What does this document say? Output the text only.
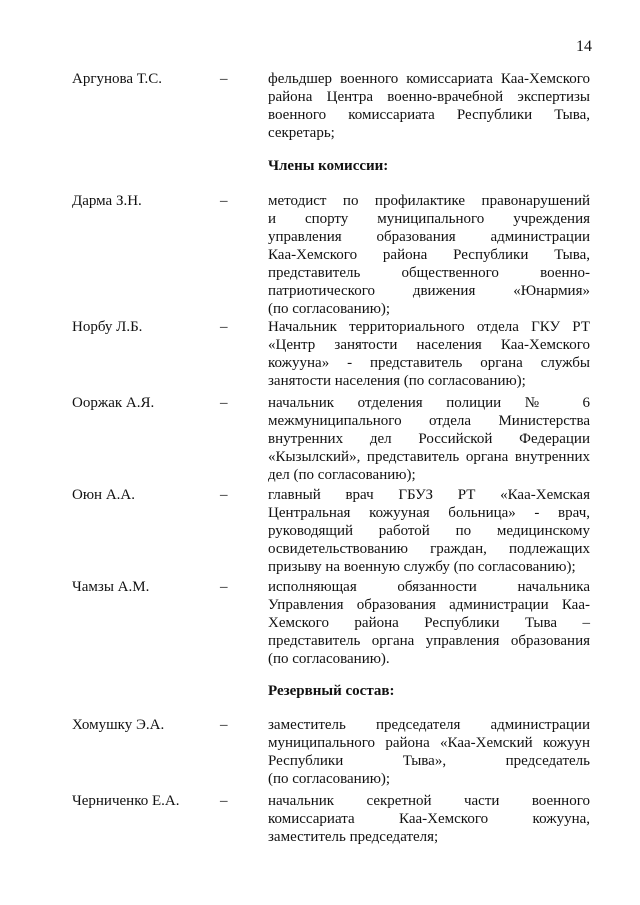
14
Аргунова Т.С.	–	фельдшер военного комиссариата Каа-Хемского
района Центра военно-врачебной экспертизы
военного комиссариата Республики Тыва,
секретарь;
Члены комиссии:
Дарма З.Н.	–	методист по профилактике правонарушений
и спорту муниципального учреждения
управления образования администрации
Каа-Хемского района Республики Тыва,
представитель общественного военно-
патриотического движения «Юнармия»
(по согласованию);
Норбу Л.Б.	–	Начальник территориального отдела ГКУ РТ
«Центр занятости населения Каа-Хемского
кожууна» - представитель органа службы
занятости населения (по согласованию);
Ооржак А.Я.	–	начальник отделения полиции № 6
межмуниципального отдела Министерства
внутренних дел Российской Федерации
«Кызылский», представитель органа внутренних
дел (по согласованию);
Оюн А.А.	–	главный врач ГБУЗ РТ «Каа-Хемская
Центральная кожууная больница» - врач,
руководящий работой по медицинскому
освидетельствованию граждан, подлежащих
призыву на военную службу (по согласованию);
Чамзы А.М.	–	исполняющая обязанности начальника
Управления образования администрации Каа-
Хемского района Республики Тыва –
представитель органа управления образования
(по согласованию).
Резервный состав:
Хомушку Э.А.	–	заместитель председателя администрации
муниципального района «Каа-Хемский кожуун
Республики Тыва», председатель
(по согласованию);
Черниченко Е.А.	–	начальник секретной части военного
комиссариата Каа-Хемского кожууна,
заместитель председателя;
